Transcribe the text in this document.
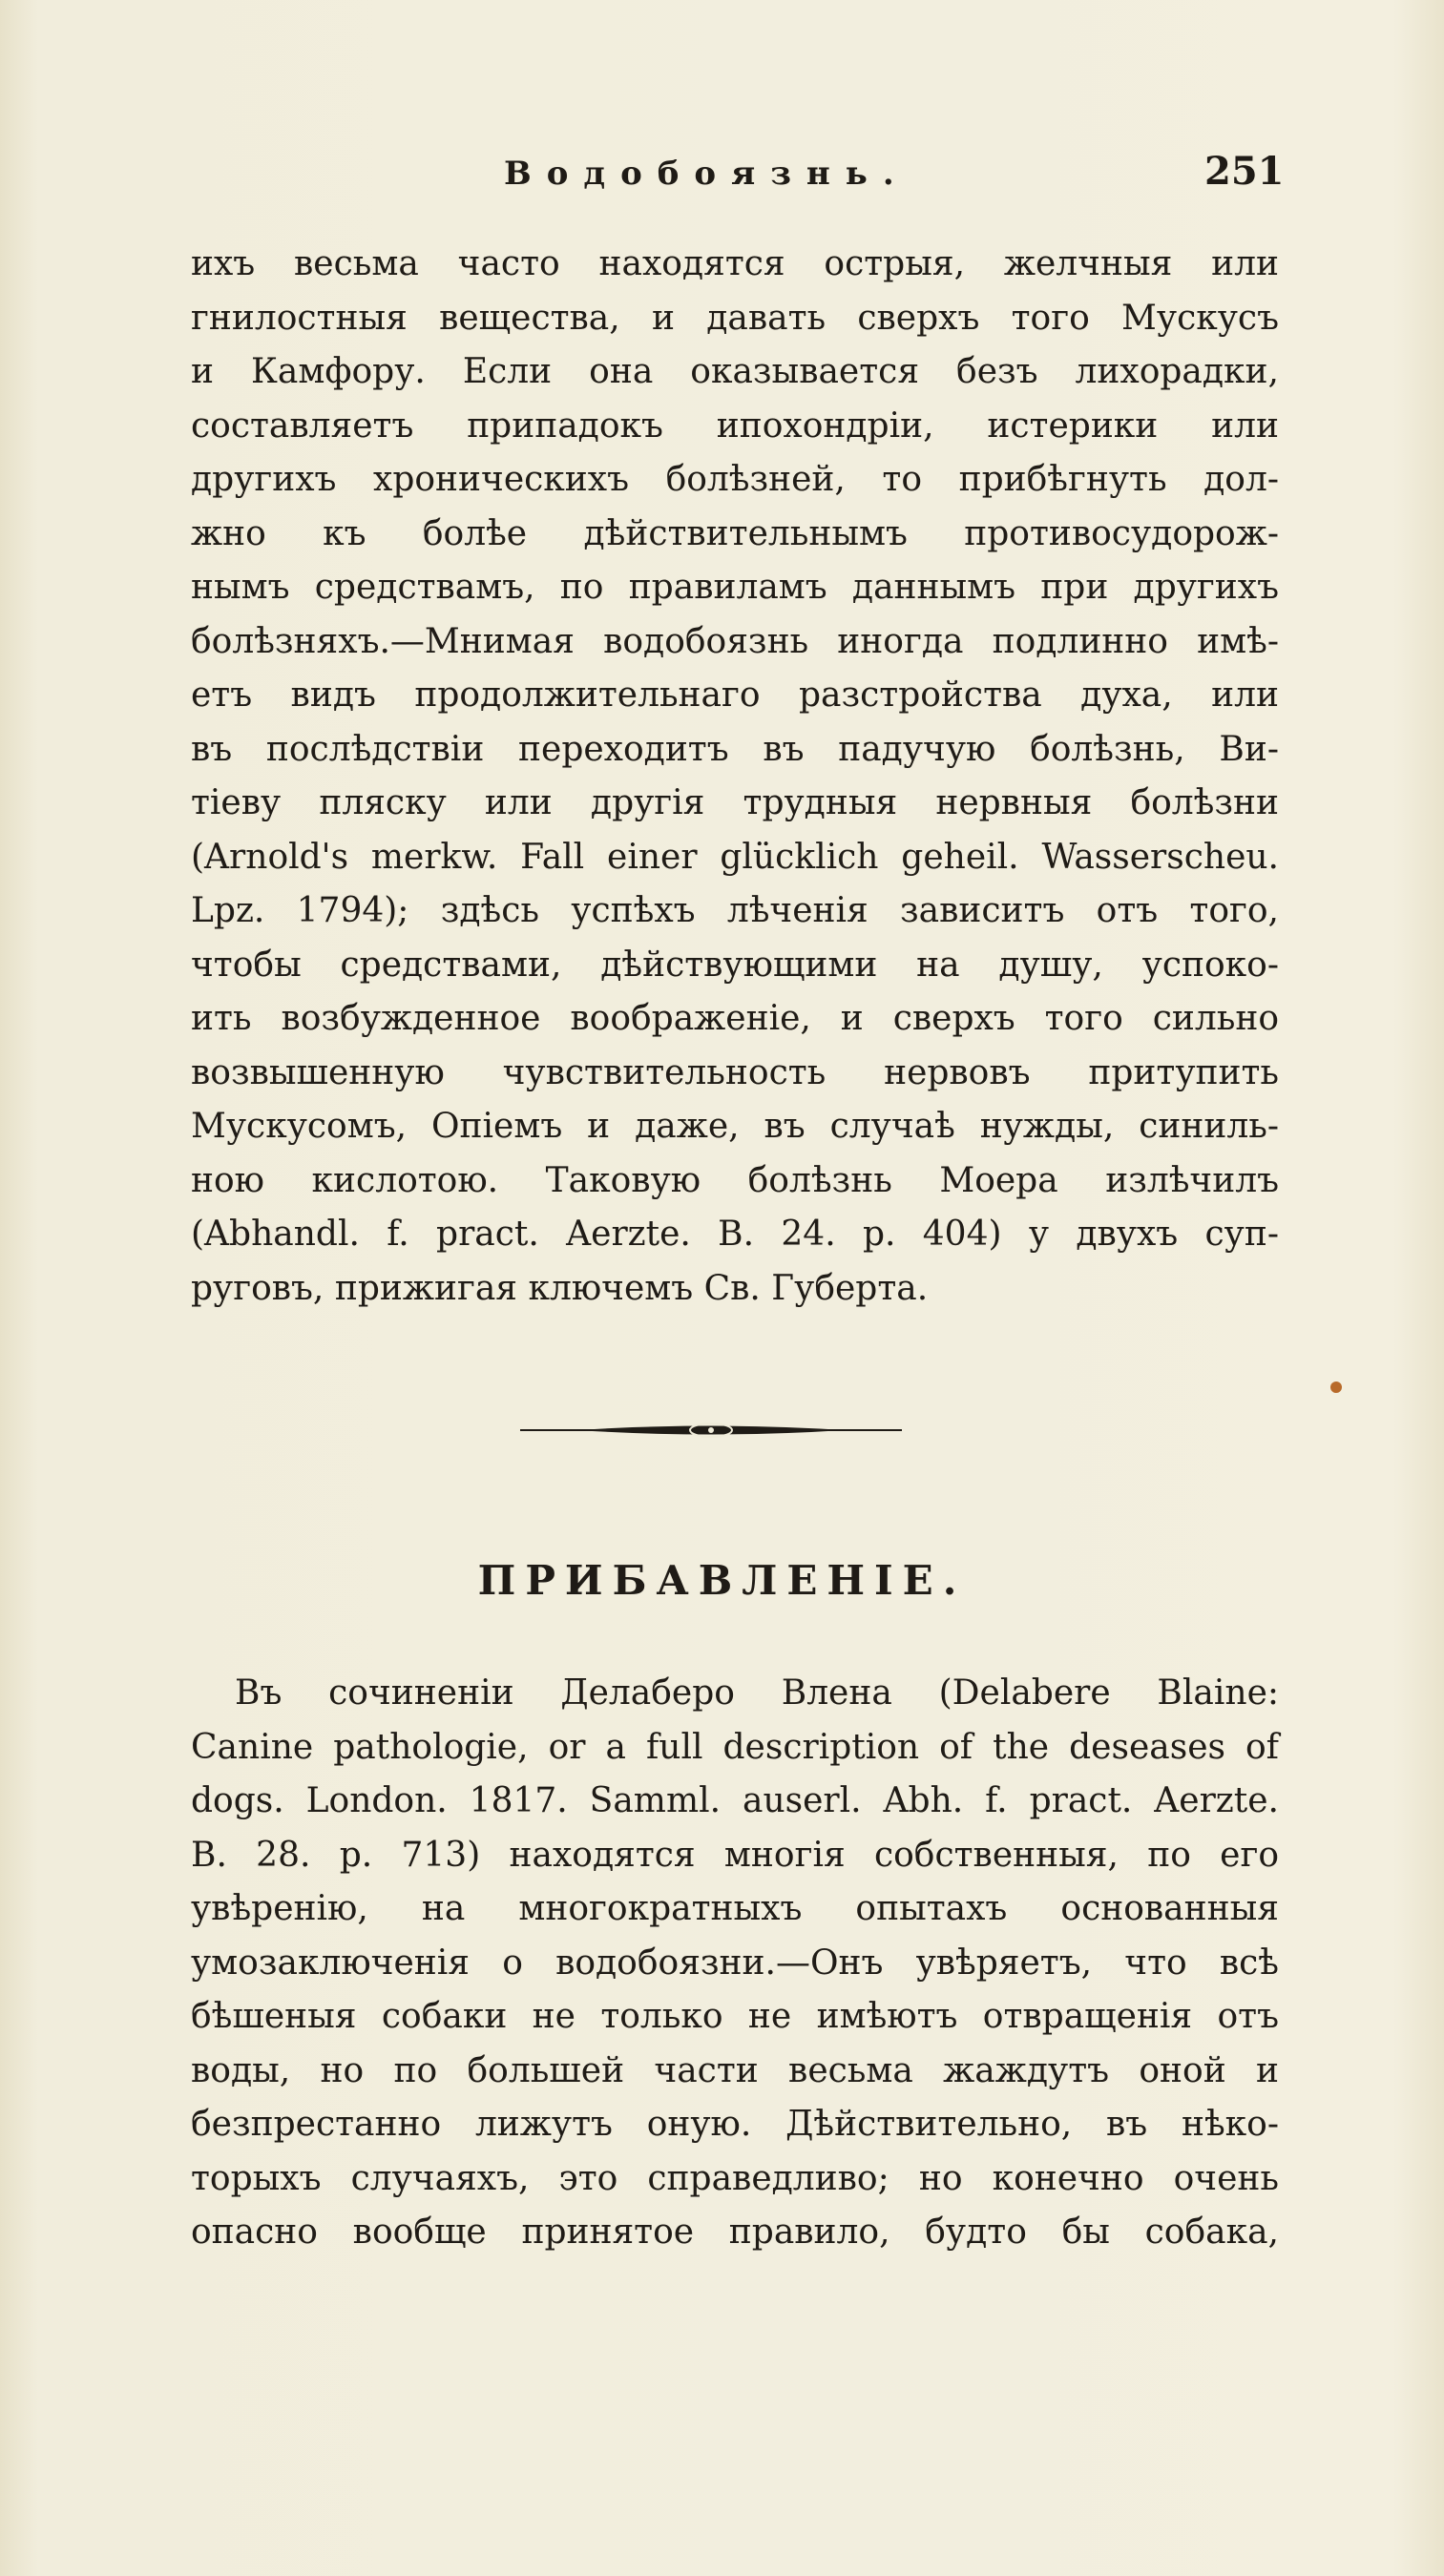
Водобоязнь.	251
ихъ весьма часто находятся острыя, желчныя или
гнилостныя вещества, и давать сверхъ того Мускусъ
и Камфору. Если она оказывается безъ лихорадки,
составляетъ припадокъ ипохондріи, истерики или
другихъ хроническихъ болѣзней, то прибѣгнуть дол-
жно къ болѣе дѣйствительнымъ противосудорож-
нымъ средствамъ, по правиламъ даннымъ при другихъ
болѣзняхъ.—Мнимая водобоязнь иногда подлинно имѣ-
етъ видъ продолжительнаго разстройства духа, или
въ послѣдствіи переходитъ въ падучую болѣзнь, Ви-
тіеву пляску или другія трудныя нервныя болѣзни
(Arnold's merkw. Fall einer glücklich geheil. Wasserscheu.
Lpz. 1794); здѣсь успѣхъ лѣченія зависитъ отъ того,
чтобы средствами, дѣйствующими на душу, успоко-
ить возбужденное воображеніе, и сверхъ того сильно
возвышенную чувствительность нервовъ притупить
Мускусомъ, Опіемъ и даже, въ случаѣ нужды, синиль-
ною кислотою. Таковую болѣзнь Моера излѣчилъ
(Abhandl. f. pract. Aerzte. B. 24. p. 404) у двухъ суп-
руговъ, прижигая ключемъ Св. Губерта.
ПРИБАВЛЕНІЕ.
Въ сочиненіи Делаберо Влена (Delabere Blaine:
Canine pathologie, or a full description of the deseases of
dogs. London. 1817. Samml. auserl. Abh. f. pract. Aerzte.
B. 28. p. 713) находятся многія собственныя, по его
увѣренію, на многократныхъ опытахъ основанныя
умозаключенія о водобоязни.—Онъ увѣряетъ, что всѣ
бѣшеныя собаки не только не имѣютъ отвращенія отъ
воды, но по большей части весьма жаждутъ оной и
безпрестанно лижутъ оную. Дѣйствительно, въ нѣко-
торыхъ случаяхъ, это справедливо; но конечно очень
опасно вообще принятое правило, будто бы собака,
